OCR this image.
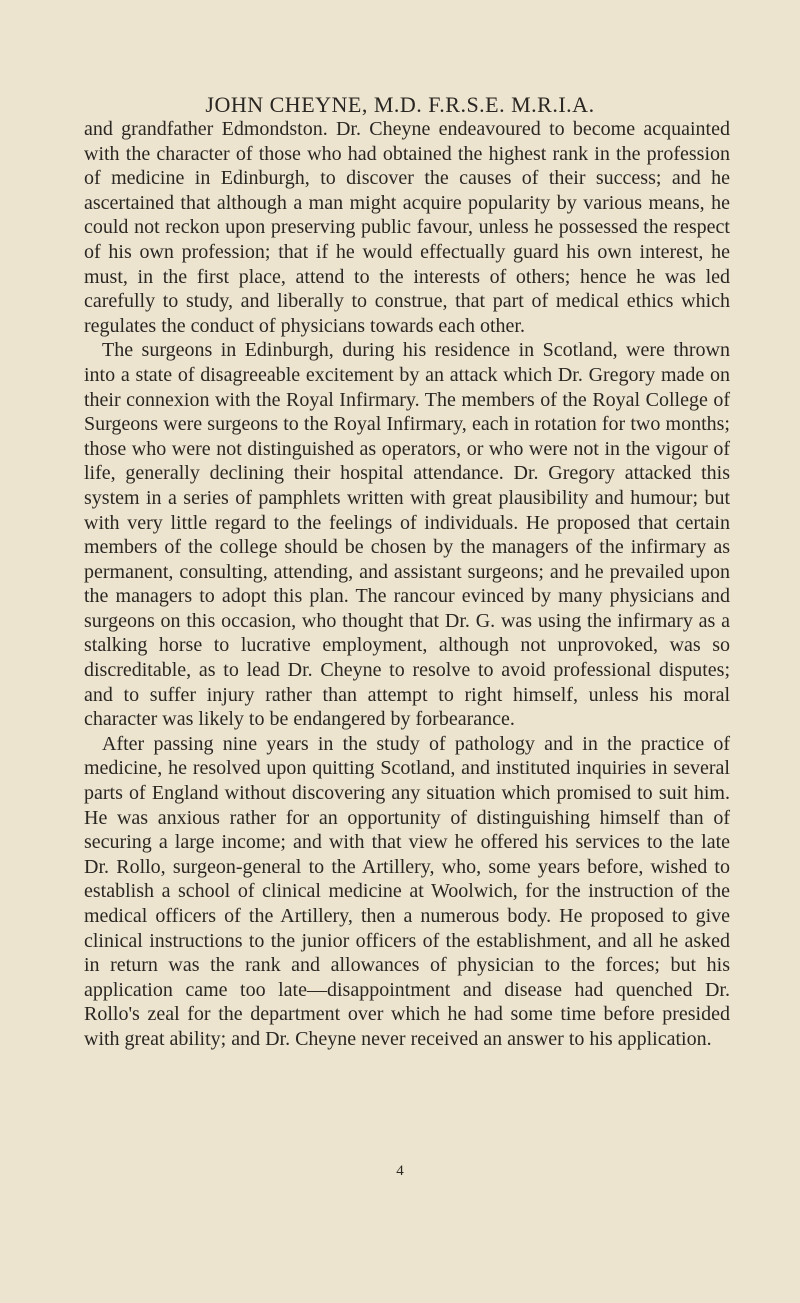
JOHN CHEYNE, M.D. F.R.S.E. M.R.I.A.

and grandfather Edmondston. Dr. Cheyne endeavoured to become acquainted with the character of those who had obtained the highest rank in the profession of medicine in Edinburgh, to discover the causes of their success; and he ascertained that although a man might acquire popularity by various means, he could not reckon upon preserving public favour, unless he possessed the respect of his own profession; that if he would effectually guard his own interest, he must, in the first place, attend to the interests of others; hence he was led carefully to study, and liberally to construe, that part of medical ethics which regulates the conduct of physicians towards each other.

The surgeons in Edinburgh, during his residence in Scotland, were thrown into a state of disagreeable excitement by an attack which Dr. Gregory made on their connexion with the Royal Infirmary. The members of the Royal College of Surgeons were surgeons to the Royal Infirmary, each in rotation for two months; those who were not distinguished as operators, or who were not in the vigour of life, generally declining their hospital attendance. Dr. Gregory attacked this system in a series of pamphlets written with great plausibility and humour; but with very little regard to the feelings of individuals. He proposed that certain members of the college should be chosen by the managers of the infirmary as permanent, consulting, attending, and assistant surgeons; and he prevailed upon the managers to adopt this plan. The rancour evinced by many physicians and surgeons on this occasion, who thought that Dr. G. was using the infirmary as a stalking horse to lucrative employment, although not unprovoked, was so discreditable, as to lead Dr. Cheyne to resolve to avoid professional disputes; and to suffer injury rather than attempt to right himself, unless his moral character was likely to be endangered by forbearance.

After passing nine years in the study of pathology and in the practice of medicine, he resolved upon quitting Scotland, and instituted inquiries in several parts of England without discovering any situation which promised to suit him. He was anxious rather for an opportunity of distinguishing himself than of securing a large income; and with that view he offered his services to the late Dr. Rollo, surgeon-general to the Artillery, who, some years before, wished to establish a school of clinical medicine at Woolwich, for the instruction of the medical officers of the Artillery, then a numerous body. He proposed to give clinical instructions to the junior officers of the establishment, and all he asked in return was the rank and allowances of physician to the forces; but his application came too late—disappointment and disease had quenched Dr. Rollo's zeal for the department over which he had some time before presided with great ability; and Dr. Cheyne never received an answer to his application.

4
